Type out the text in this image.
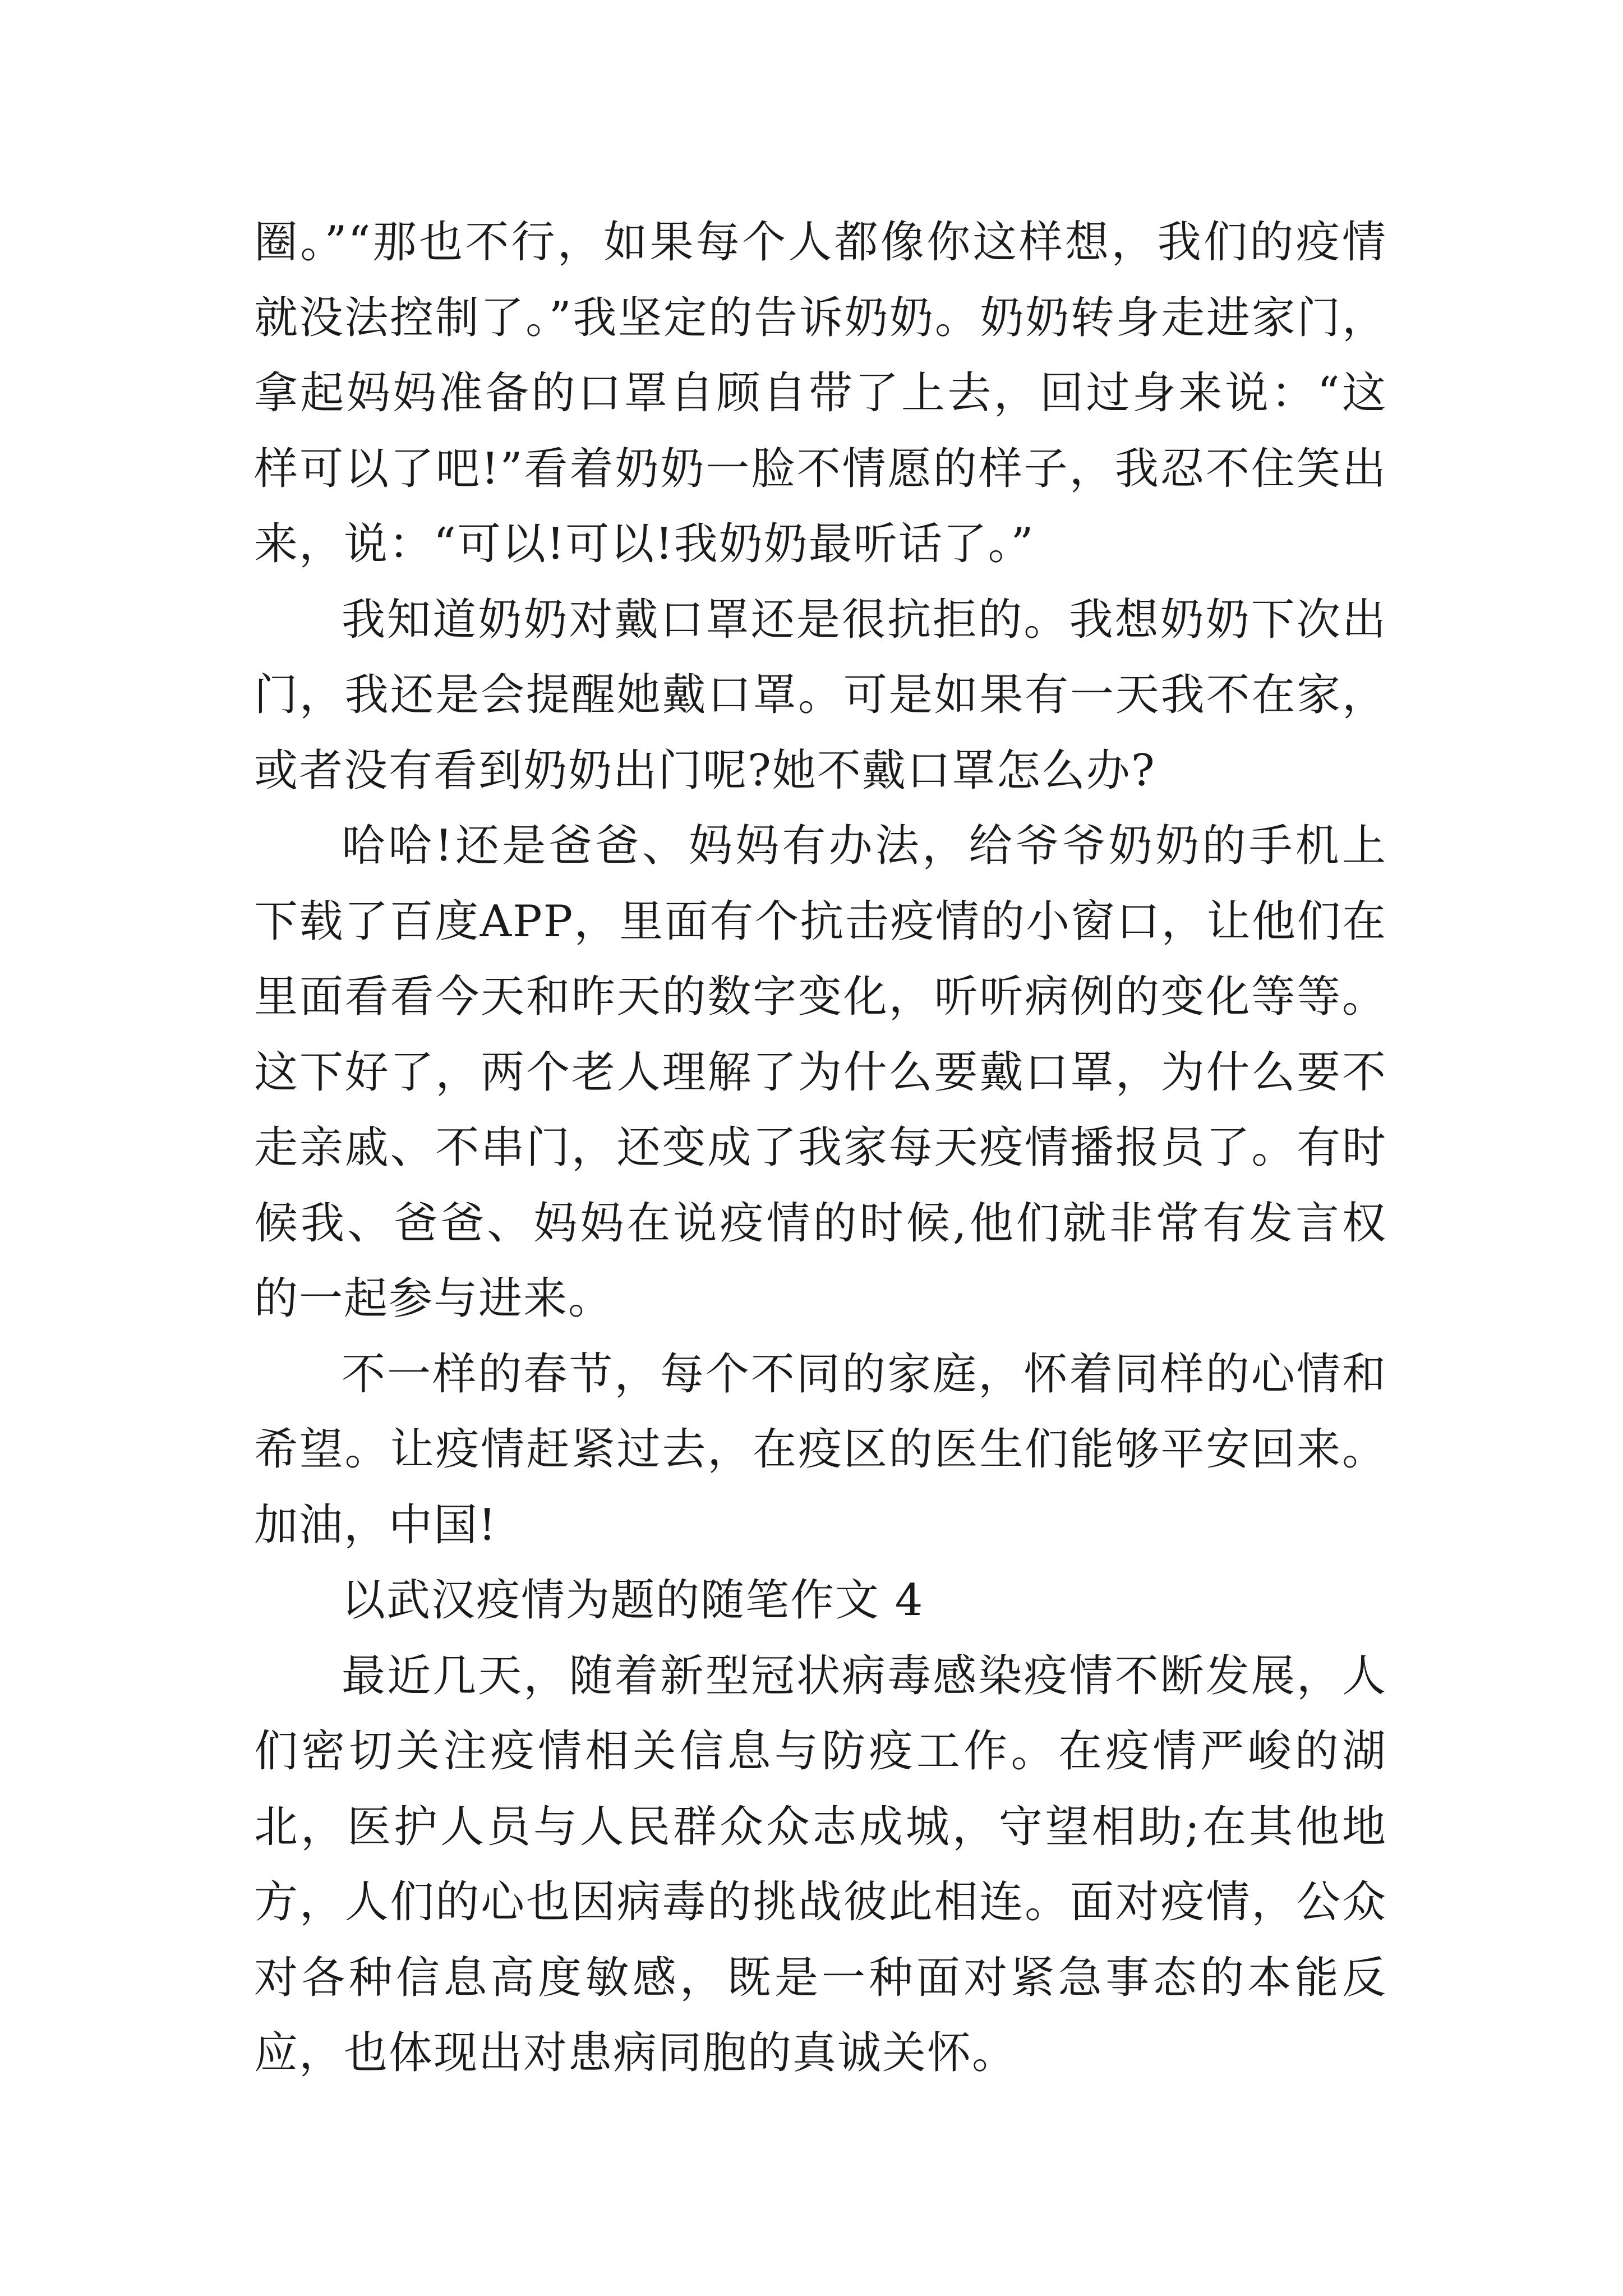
圈。”“那也不行，如果每个人都像你这样想，我们的疫情就没法控制了。”我坚定的告诉奶奶。奶奶转身走进家门，拿起妈妈准备的口罩自顾自带了上去，回过身来说：“这样可以了吧!”看着奶奶一脸不情愿的样子，我忍不住笑出来，说：“可以!可以!我奶奶最听话了。”

我知道奶奶对戴口罩还是很抗拒的。我想奶奶下次出门，我还是会提醒她戴口罩。可是如果有一天我不在家，或者没有看到奶奶出门呢?她不戴口罩怎么办?

哈哈!还是爸爸、妈妈有办法，给爷爷奶奶的手机上下载了百度APP，里面有个抗击疫情的小窗口，让他们在里面看看今天和昨天的数字变化，听听病例的变化等等。这下好了，两个老人理解了为什么要戴口罩，为什么要不走亲戚、不串门，还变成了我家每天疫情播报员了。有时候我、爸爸、妈妈在说疫情的时候,他们就非常有发言权的一起参与进来。

不一样的春节，每个不同的家庭，怀着同样的心情和希望。让疫情赶紧过去，在疫区的医生们能够平安回来。加油，中国!

以武汉疫情为题的随笔作文 4

最近几天，随着新型冠状病毒感染疫情不断发展，人们密切关注疫情相关信息与防疫工作。在疫情严峻的湖北，医护人员与人民群众众志成城，守望相助;在其他地方，人们的心也因病毒的挑战彼此相连。面对疫情，公众对各种信息高度敏感，既是一种面对紧急事态的本能反应，也体现出对患病同胞的真诚关怀。
